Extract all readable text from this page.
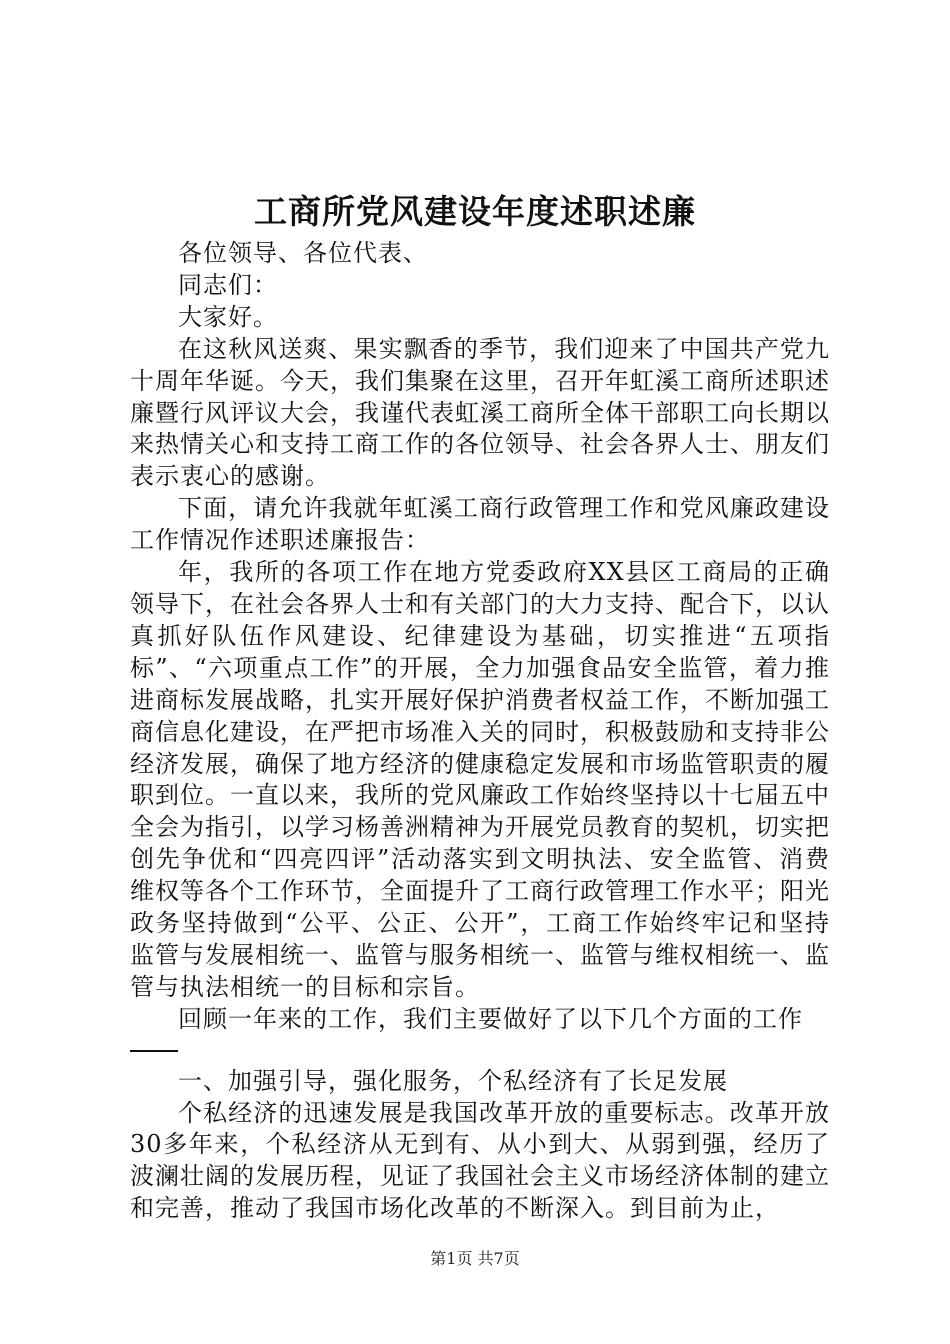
工商所党风建设年度述职述廉

各位领导、各位代表、

同志们：

大家好。

在这秋风送爽、果实飘香的季节，我们迎来了中国共产党九十周年华诞。今天，我们集聚在这里，召开年虹溪工商所述职述廉暨行风评议大会，我谨代表虹溪工商所全体干部职工向长期以来热情关心和支持工商工作的各位领导、社会各界人士、朋友们表示衷心的感谢。

下面，请允许我就年虹溪工商行政管理工作和党风廉政建设工作情况作述职述廉报告：

年，我所的各项工作在地方党委政府XX县区工商局的正确领导下，在社会各界人士和有关部门的大力支持、配合下，以认真抓好队伍作风建设、纪律建设为基础，切实推进“五项指标”、“六项重点工作”的开展，全力加强食品安全监管，着力推进商标发展战略，扎实开展好保护消费者权益工作，不断加强工商信息化建设，在严把市场准入关的同时，积极鼓励和支持非公经济发展，确保了地方经济的健康稳定发展和市场监管职责的履职到位。一直以来，我所的党风廉政工作始终坚持以十七届五中全会为指引，以学习杨善洲精神为开展党员教育的契机，切实把创先争优和“四亮四评”活动落实到文明执法、安全监管、消费维权等各个工作环节，全面提升了工商行政管理工作水平；阳光政务坚持做到“公平、公正、公开”，工商工作始终牢记和坚持监管与发展相统一、监管与服务相统一、监管与维权相统一、监管与执法相统一的目标和宗旨。

回顾一年来的工作，我们主要做好了以下几个方面的工作

一、加强引导，强化服务，个私经济有了长足发展

个私经济的迅速发展是我国改革开放的重要标志。改革开放30多年来，个私经济从无到有、从小到大、从弱到强，经历了波澜壮阔的发展历程，见证了我国社会主义市场经济体制的建立和完善，推动了我国市场化改革的不断深入。到目前为止，

第1页 共7页
